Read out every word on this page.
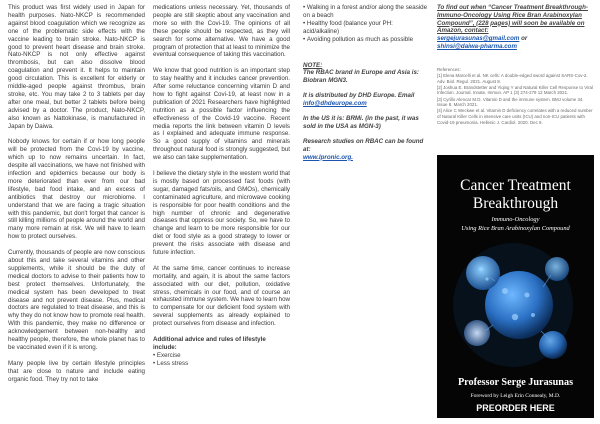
This product was first widely used in Japan for health purposes. Nato-NKCP is recommended against blood coagulation which we recognize as one of the problematic side effects with the vaccine leading to brain stroke. Nato-NKCP is good to prevent heart disease and brain stroke. Nato-NKCP is not only effective against thrombosis, but can also dissolve blood coagulation and prevent it. It helps to maintain good circulation. This is excellent for elderly or middle-aged people against thrombus, brain stroke, etc. You may take 2 to 3 tablets per day after one meal, but better 2 tablets before being advised by a doctor. The product, Nato-NKCP, also known as Nattokinase, is manufactured in Japan by Daiwa.

Nobody knows for certain if or how long people will be protected from the Covi-19 by vaccine, which up to now remains uncertain. In fact, despite all vaccinations, we have not finished with infection and epidemics because our body is more deteriorated than ever from our bad lifestyle, bad food intake, and an excess of antibiotics that destroy our microbiome. I understand that we are facing a tragic situation with this pandemic, but don't forget that cancer is still killing millions of people around the world and many more remain at risk. We will have to learn how to protect ourselves.

Currently, thousands of people are now conscious about this and take several vitamins and other supplements, while it should be the duty of medical doctors to advise to their patients how to best protect themselves. Unfortunately, the medical system has been developed to treat disease and not prevent disease. Plus, medical doctors are regulated to treat disease, and this is why they do not know how to promote real health. With this pandemic, they make no difference or acknowledgement between non-healthy and healthy people, therefore, the whole planet has to be vaccinated even if it is wrong.

Many people live by certain lifestyle principles that are close to nature and include eating organic food. They try not to take

medications unless necessary. Yet, thousands of people are still skeptic about any vaccination and more so with the Covi-19. The opinions of all these people should be respected, as they will search for some alternative. We have a good program of protection that at least to minimize the eventual consequence of taking this vaccination.

We know that good nutrition is an important step to stay healthy and it includes cancer prevention. After some reluctance concerning vitamin D and how to fight against Covi-19, at least now in a publication of 2021 Researchers have highlighted nutrition as a possible factor influencing the effectiveness of the Covid-19 vaccine. Recent media reports the link between vitamin D levels as I explained and adequate immune response. So a good supply of vitamins and minerals throughout natural food is strongly suggested, but we also can take supplementation.

I believe the dietary style in the western world that is mostly based on processed fast foods (with sugar, damaged fats/oils, and GMOs), chemically contaminated agriculture, and microwave cooking is responsible for poor health conditions and the high number of chronic and degenerative diseases that oppress our society. So, we have to change and learn to be more responsible for our diet or food style as a good strategy to lower or prevent the risks associate with disease and future infection.

At the same time, cancer continues to increase mortality, and again, it is about the same factors associated with our diet, pollution, oxidative stress, chemicals in our food, and of course an exhausted immune system. We have to learn how to compensate for our deficient food system with several supplements as already explained to protect ourselves from disease and infection.

Additional advice and rules of lifestyle include:
• Exercise
• Less stress
• Walking in a forest and/or along the seaside on a beach
• Healthy food (balance your PH: acid/alkaline)
• Avoiding pollution as much as possible
NOTE:

The RBAC brand in Europe and Asia is: Biobran MGN3.

It is distributed by DHD Europe. Email info@dhdeurope.com

In the US it is: BRMi. (in the past, it was sold in the USA as MGN-3)

Research studies on RBAC can be found at:
www.lpronic.org.

To find out when “Cancer Treatment Breakthrough- Immuno-Oncology Using Rice Bran Arabinoxylan Compound”, (228 pages) will soon be available on Amazon, contact:
sergejurasunas@gmail.com or
shinsi@daiwa-pharma.com
References:
[1] Elena Marcelli et al. NK cells: A double-edged sword against SARS-Cov-2. Adv. Biol. Regul. 2021. August 8.
[2] Joshua E. Brandstetter and Yiqing Y and Natural Killer Cell Response to Viral Infection. Journal. Innate. Immun. AP 1 (3) 274-279 12 March 2021.
[3] Cyrillo Alencar M.D. Vitamin D and the immune system. BMJ volume 34. Issue 8. March 2021.
[4] Alice C Weckwe et al. Vitamin D deficiency correlates with a reduced number of Natural Killer Cells in intensive care units (ICU) and non-ICU patients with Covid-19 pneumonia. Hellenic J. Cardiol. 2020. Dec 9.
Cancer Treatment
Breakthrough
Immuno-Oncology
Using Rice Bran Arabinoxylan Compound
Professor Serge Jurasunas
Foreword by Leigh Erin Connealy, M.D.
PREORDER HERE
